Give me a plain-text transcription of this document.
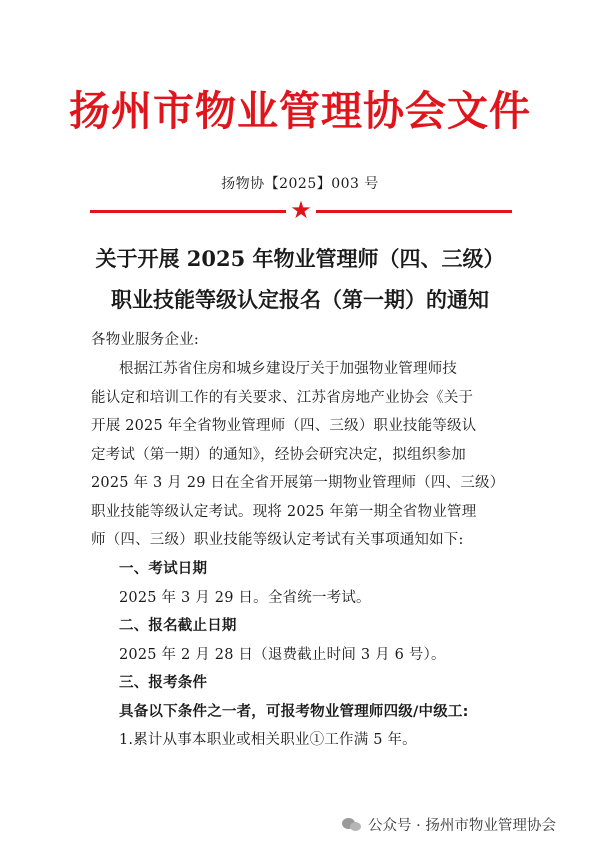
扬州市物业管理协会文件
扬物协【2025】003 号
★
关于开展 2025 年物业管理师（四、三级）
职业技能等级认定报名（第一期）的通知
各物业服务企业:
根据江苏省住房和城乡建设厅关于加强物业管理师技
能认定和培训工作的有关要求、江苏省房地产业协会《关于
开展 2025 年全省物业管理师（四、三级）职业技能等级认
定考试（第一期）的通知》，经协会研究决定，拟组织参加
2025 年 3 月 29 日在全省开展第一期物业管理师（四、三级）
职业技能等级认定考试。现将 2025 年第一期全省物业管理
师（四、三级）职业技能等级认定考试有关事项通知如下:
一、考试日期
2025 年 3 月 29 日。全省统一考试。
二、报名截止日期
2025 年 2 月 28 日（退费截止时间 3 月 6 号）。
三、报考条件
具备以下条件之一者，可报考物业管理师四级/中级工:
1.累计从事本职业或相关职业①工作满 5 年。
公众号 · 扬州市物业管理协会
